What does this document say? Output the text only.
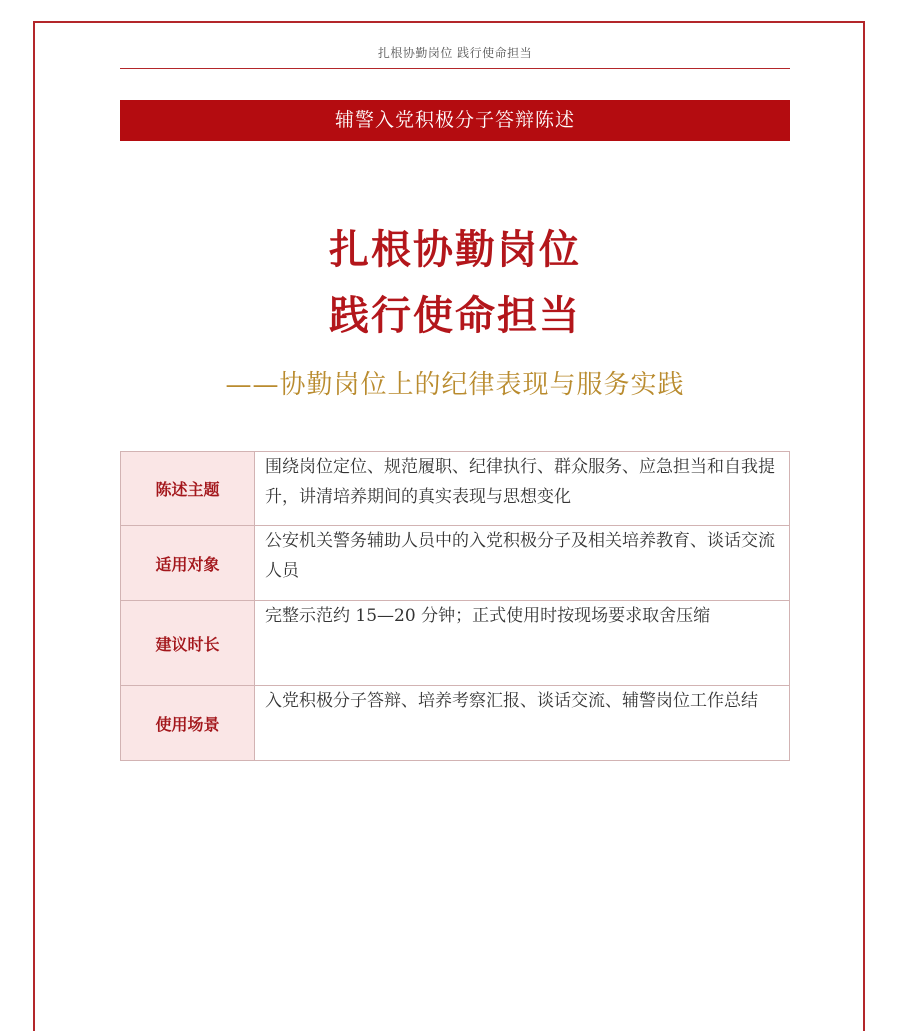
扎根协勤岗位 践行使命担当
辅警入党积极分子答辩陈述
扎根协勤岗位
践行使命担当
——协勤岗位上的纪律表现与服务实践
陈述主题	围绕岗位定位、规范履职、纪律执行、群众服务、应急担当和自我提升，讲清培养期间的真实表现与思想变化
适用对象	公安机关警务辅助人员中的入党积极分子及相关培养教育、谈话交流人员
建议时长	完整示范约 15—20 分钟；正式使用时按现场要求取舍压缩
使用场景	入党积极分子答辩、培养考察汇报、谈话交流、辅警岗位工作总结
